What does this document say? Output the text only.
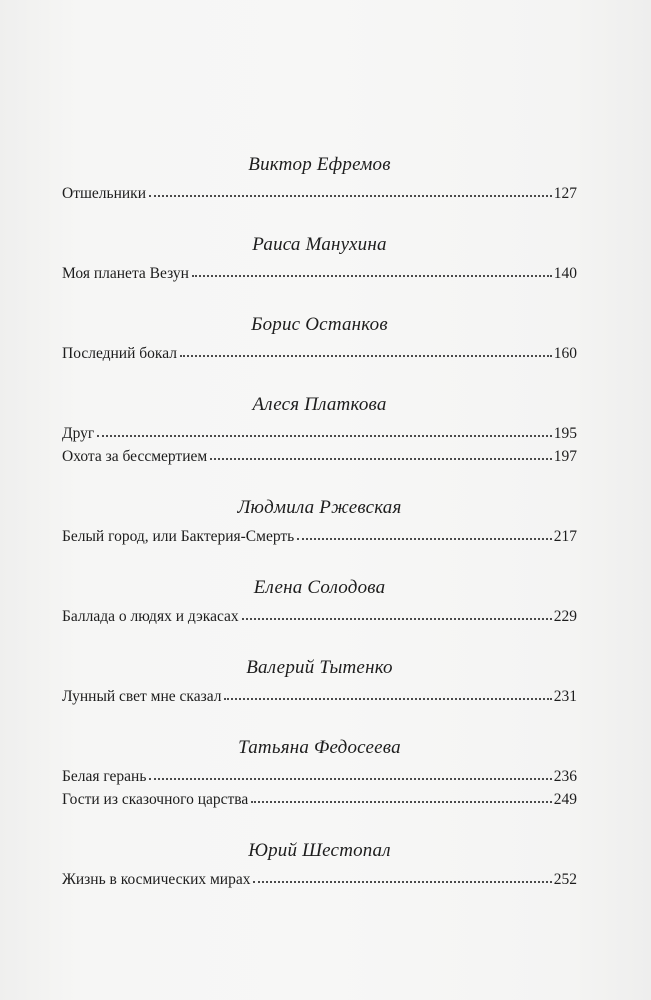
Виктор Ефремов
Отшельники	127
Раиса Манухина
Моя планета Везун	140
Борис Останков
Последний бокал	160
Алеся Платкова
Друг	195
Охота за бессмертием	197
Людмила Ржевская
Белый город, или Бактерия-Смерть	217
Елена Солодова
Баллада о людях и дэкасах	229
Валерий Тытенко
Лунный свет мне сказал	231
Татьяна Федосеева
Белая герань	236
Гости из сказочного царства	249
Юрий Шестопал
Жизнь в космических мирах	252
